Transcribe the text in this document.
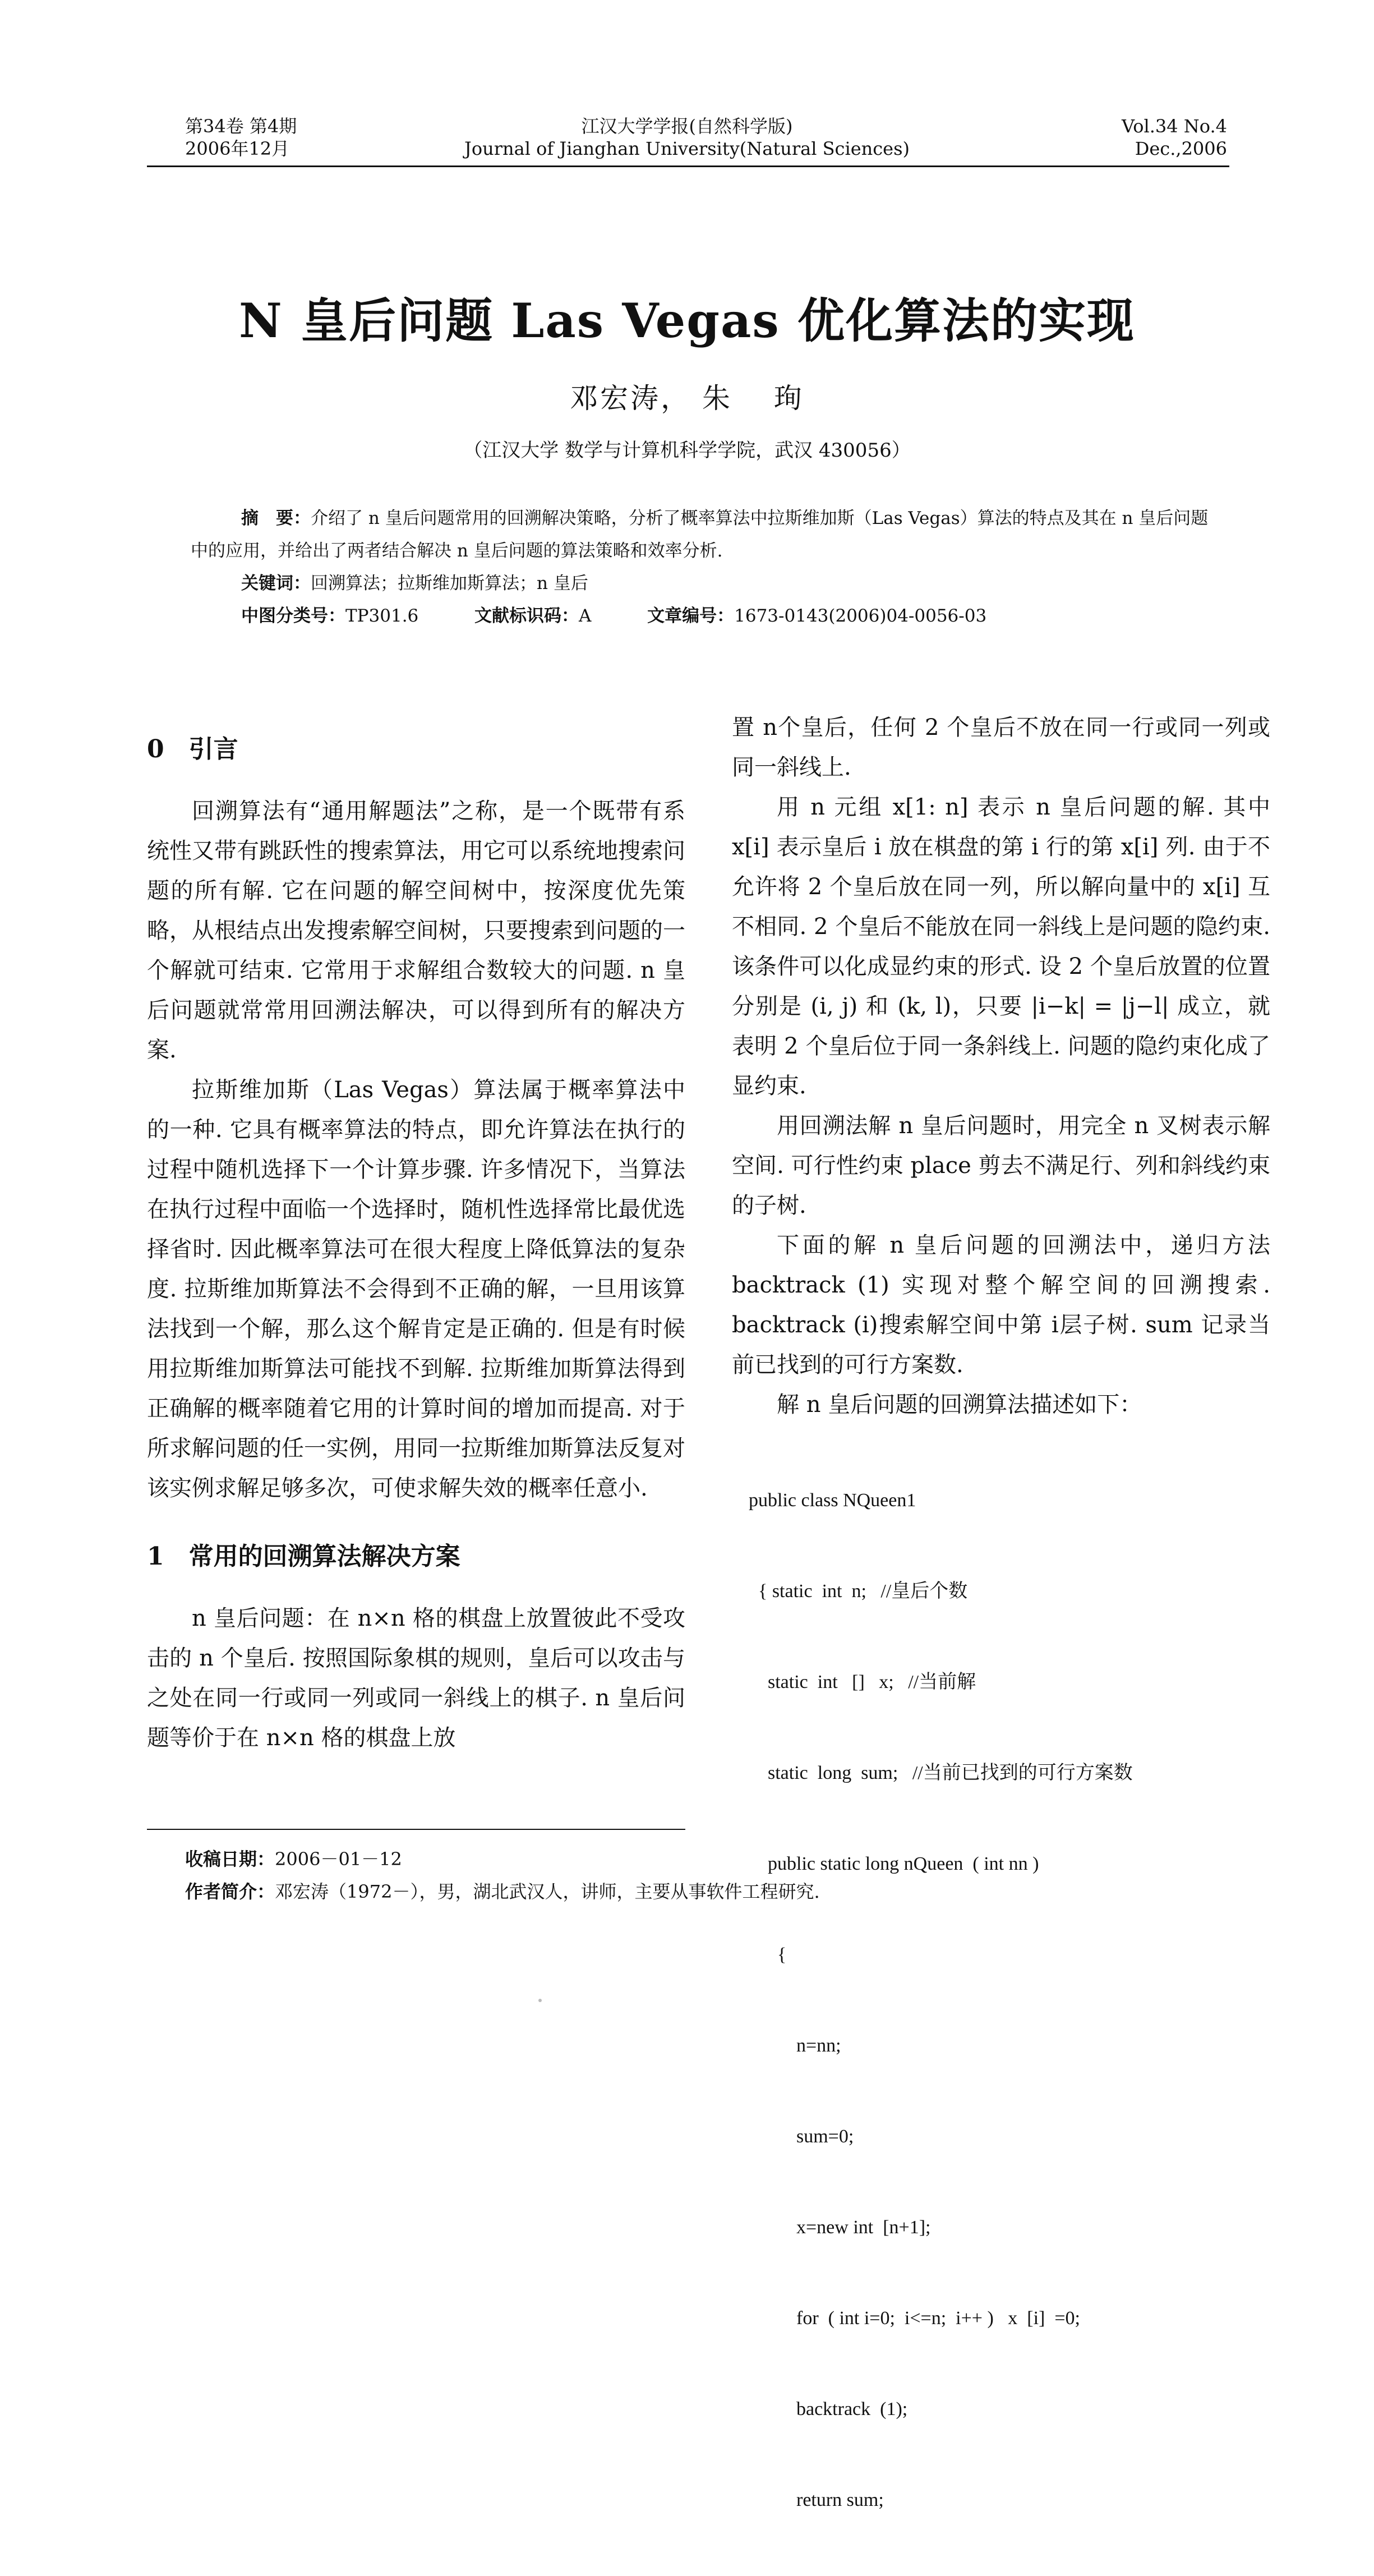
第34卷 第4期
2006年12月
江汉大学学报(自然科学版)
Journal of Jianghan University(Natural Sciences)
Vol.34 No.4
Dec.,2006
N 皇后问题 Las Vegas 优化算法的实现
邓宏涛， 朱　 珣
（江汉大学 数学与计算机科学学院，武汉 430056）
摘　要：介绍了 n 皇后问题常用的回溯解决策略，分析了概率算法中拉斯维加斯（Las Vegas）算法的特点及其在 n 皇后问题中的应用，并给出了两者结合解决 n 皇后问题的算法策略和效率分析.
关键词：回溯算法；拉斯维加斯算法；n 皇后
中图分类号：TP301.6	文献标识码：A	文章编号：1673-0143(2006)04-0056-03
0　引言

回溯算法有“通用解题法”之称，是一个既带有系统性又带有跳跃性的搜索算法，用它可以系统地搜索问题的所有解. 它在问题的解空间树中，按深度优先策略，从根结点出发搜索解空间树，只要搜索到问题的一个解就可结束. 它常用于求解组合数较大的问题. n 皇后问题就常常用回溯法解决，可以得到所有的解决方案.

拉斯维加斯（Las Vegas）算法属于概率算法中的一种. 它具有概率算法的特点，即允许算法在执行的过程中随机选择下一个计算步骤. 许多情况下，当算法在执行过程中面临一个选择时，随机性选择常比最优选择省时. 因此概率算法可在很大程度上降低算法的复杂度. 拉斯维加斯算法不会得到不正确的解，一旦用该算法找到一个解，那么这个解肯定是正确的. 但是有时候用拉斯维加斯算法可能找不到解. 拉斯维加斯算法得到正确解的概率随着它用的计算时间的增加而提高. 对于所求解问题的任一实例，用同一拉斯维加斯算法反复对该实例求解足够多次，可使求解失效的概率任意小.

1　常用的回溯算法解决方案

n 皇后问题：在 n×n 格的棋盘上放置彼此不受攻击的 n 个皇后. 按照国际象棋的规则，皇后可以攻击与之处在同一行或同一列或同一斜线上的棋子. n 皇后问题等价于在 n×n 格的棋盘上放

置 n个皇后，任何 2 个皇后不放在同一行或同一列或同一斜线上.

用 n 元组 x[1: n] 表示 n 皇后问题的解. 其中 x[i] 表示皇后 i 放在棋盘的第 i 行的第 x[i] 列. 由于不允许将 2 个皇后放在同一列，所以解向量中的 x[i] 互不相同. 2 个皇后不能放在同一斜线上是问题的隐约束. 该条件可以化成显约束的形式. 设 2 个皇后放置的位置分别是 (i, j) 和 (k, l)，只要 |i−k| = |j−l| 成立，就表明 2 个皇后位于同一条斜线上. 问题的隐约束化成了显约束.

用回溯法解 n 皇后问题时，用完全 n 叉树表示解空间. 可行性约束 place 剪去不满足行、列和斜线约束的子树.

下面的解 n 皇后问题的回溯法中，递归方法 backtrack (1) 实现对整个解空间的回溯搜索. backtrack (i)搜索解空间中第 i层子树. sum 记录当前已找到的可行方案数.

解 n 皇后问题的回溯算法描述如下：

public class NQueen1

{ static  int  n;   //皇后个数

static  int   []   x;   //当前解

static  long  sum;   //当前已找到的可行方案数

public static long nQueen  ( int nn )

{

n=nn;

sum=0;

x=new int  [n+1];

for  ( int i=0;  i<=n;  i++ )   x  [i]  =0;

backtrack  (1);

return sum;

收稿日期：2006－01－12
作者简介：邓宏涛（1972－），男，湖北武汉人，讲师，主要从事软件工程研究.
